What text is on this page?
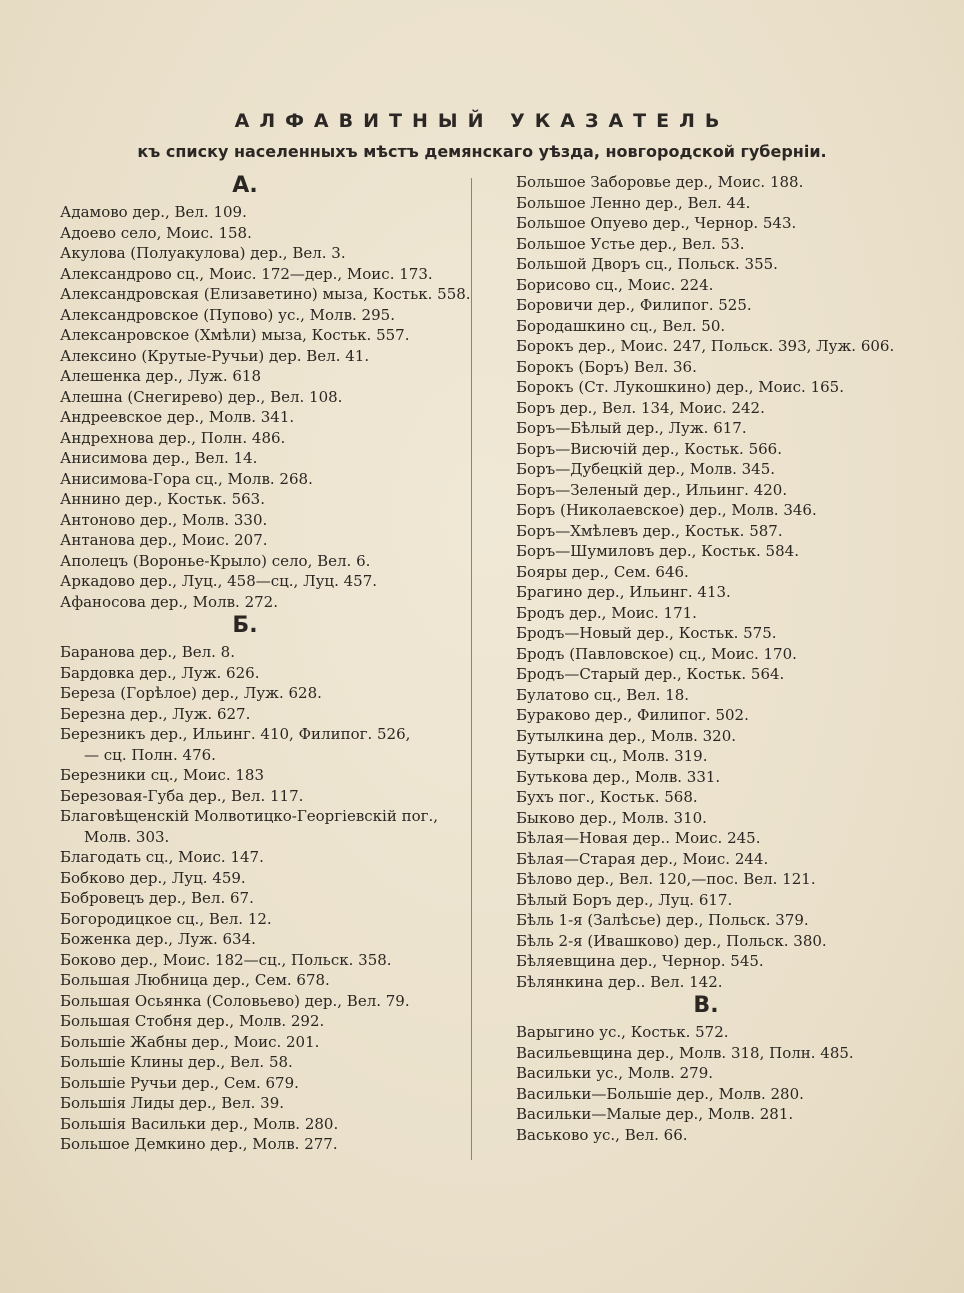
АЛФАВИТНЫЙ УКАЗАТЕЛЬ
къ списку населенныхъ мѣстъ демянскаго уѣзда, новгородской губерніи.
А.
Адамово дер., Вел. 109.
Адоево село, Моис. 158.
Акулова (Полуакулова) дер., Вел. 3.
Александрово сц., Моис. 172—дер., Моис. 173.
Александровская (Елизаветино) мыза, Костьк. 558.
Александровское (Пупово) ус., Молв. 295.
Алексанровское (Хмѣли) мыза, Костьк. 557.
Алексино (Крутые-Ручьи) дер. Вел. 41.
Алешенка дер., Луж. 618
Алешна (Снегирево) дер., Вел. 108.
Андреевское дер., Молв. 341.
Андрехнова дер., Полн. 486.
Анисимова дер., Вел. 14.
Анисимова-Гора сц., Молв. 268.
Аннино дер., Костьк. 563.
Антоново дер., Молв. 330.
Антанова дер., Моис. 207.
Аполецъ (Воронье-Крыло) село, Вел. 6.
Аркадово дер., Луц., 458—сц., Луц. 457.
Афаносова дер., Молв. 272.
Б.
Баранова дер., Вел. 8.
Бардовка дер., Луж. 626.
Береза (Горѣлое) дер., Луж. 628.
Березна дер., Луж. 627.
Березникъ дер., Ильинг. 410, Филипог. 526,
— сц. Полн. 476.
Березники сц., Моис. 183
Березовая-Губа дер., Вел. 117.
Благовѣщенскій Молвотицко-Георгіевскій пог.,
Молв. 303.
Благодать сц., Моис. 147.
Бобково дер., Луц. 459.
Бобровецъ дер., Вел. 67.
Богородицкое сц., Вел. 12.
Боженка дер., Луж. 634.
Боково дер., Моис. 182—сц., Польск. 358.
Большая Любница дер., Сем. 678.
Большая Осьянка (Соловьево) дер., Вел. 79.
Большая Стобня дер., Молв. 292.
Большіе Жабны дер., Моис. 201.
Большіе Клины дер., Вел. 58.
Большіе Ручьи дер., Сем. 679.
Большія Лиды дер., Вел. 39.
Большія Васильки дер., Молв. 280.
Большое Демкино дер., Молв. 277.
Большое Заборовье дер., Моис. 188.
Большое Ленно дер., Вел. 44.
Большое Опуево дер., Чернор. 543.
Большое Устье дер., Вел. 53.
Большой Дворъ сц., Польск. 355.
Борисово сц., Моис. 224.
Боровичи дер., Филипог. 525.
Бородашкино сц., Вел. 50.
Борокъ дер., Моис. 247, Польск. 393, Луж. 606.
Борокъ (Боръ) Вел. 36.
Борокъ (Ст. Лукошкино) дер., Моис. 165.
Боръ дер., Вел. 134, Моис. 242.
Боръ—Бѣлый дер., Луж. 617.
Боръ—Висючій дер., Костьк. 566.
Боръ—Дубецкій дер., Молв. 345.
Боръ—Зеленый дер., Ильинг. 420.
Боръ (Николаевское) дер., Молв. 346.
Боръ—Хмѣлевъ дер., Костьк. 587.
Боръ—Шумиловъ дер., Костьк. 584.
Бояры дер., Сем. 646.
Брагино дер., Ильинг. 413.
Бродъ дер., Моис. 171.
Бродъ—Новый дер., Костьк. 575.
Бродъ (Павловское) сц., Моис. 170.
Бродъ—Старый дер., Костьк. 564.
Булатово сц., Вел. 18.
Бураково дер., Филипог. 502.
Бутылкина дер., Молв. 320.
Бутырки сц., Молв. 319.
Бутькова дер., Молв. 331.
Бухъ пог., Костьк. 568.
Быково дер., Молв. 310.
Бѣлая—Новая дер.. Моис. 245.
Бѣлая—Старая дер., Моис. 244.
Бѣлово дер., Вел. 120,—пос. Вел. 121.
Бѣлый Боръ дер., Луц. 617.
Бѣль 1-я (Залѣсье) дер., Польск. 379.
Бѣль 2-я (Ивашково) дер., Польск. 380.
Бѣляевщина дер., Чернор. 545.
Бѣлянкина дер.. Вел. 142.
В.
Варыгино ус., Костьк. 572.
Васильевщина дер., Молв. 318, Полн. 485.
Васильки ус., Молв. 279.
Васильки—Большіе дер., Молв. 280.
Васильки—Малые дер., Молв. 281.
Васьково ус., Вел. 66.
